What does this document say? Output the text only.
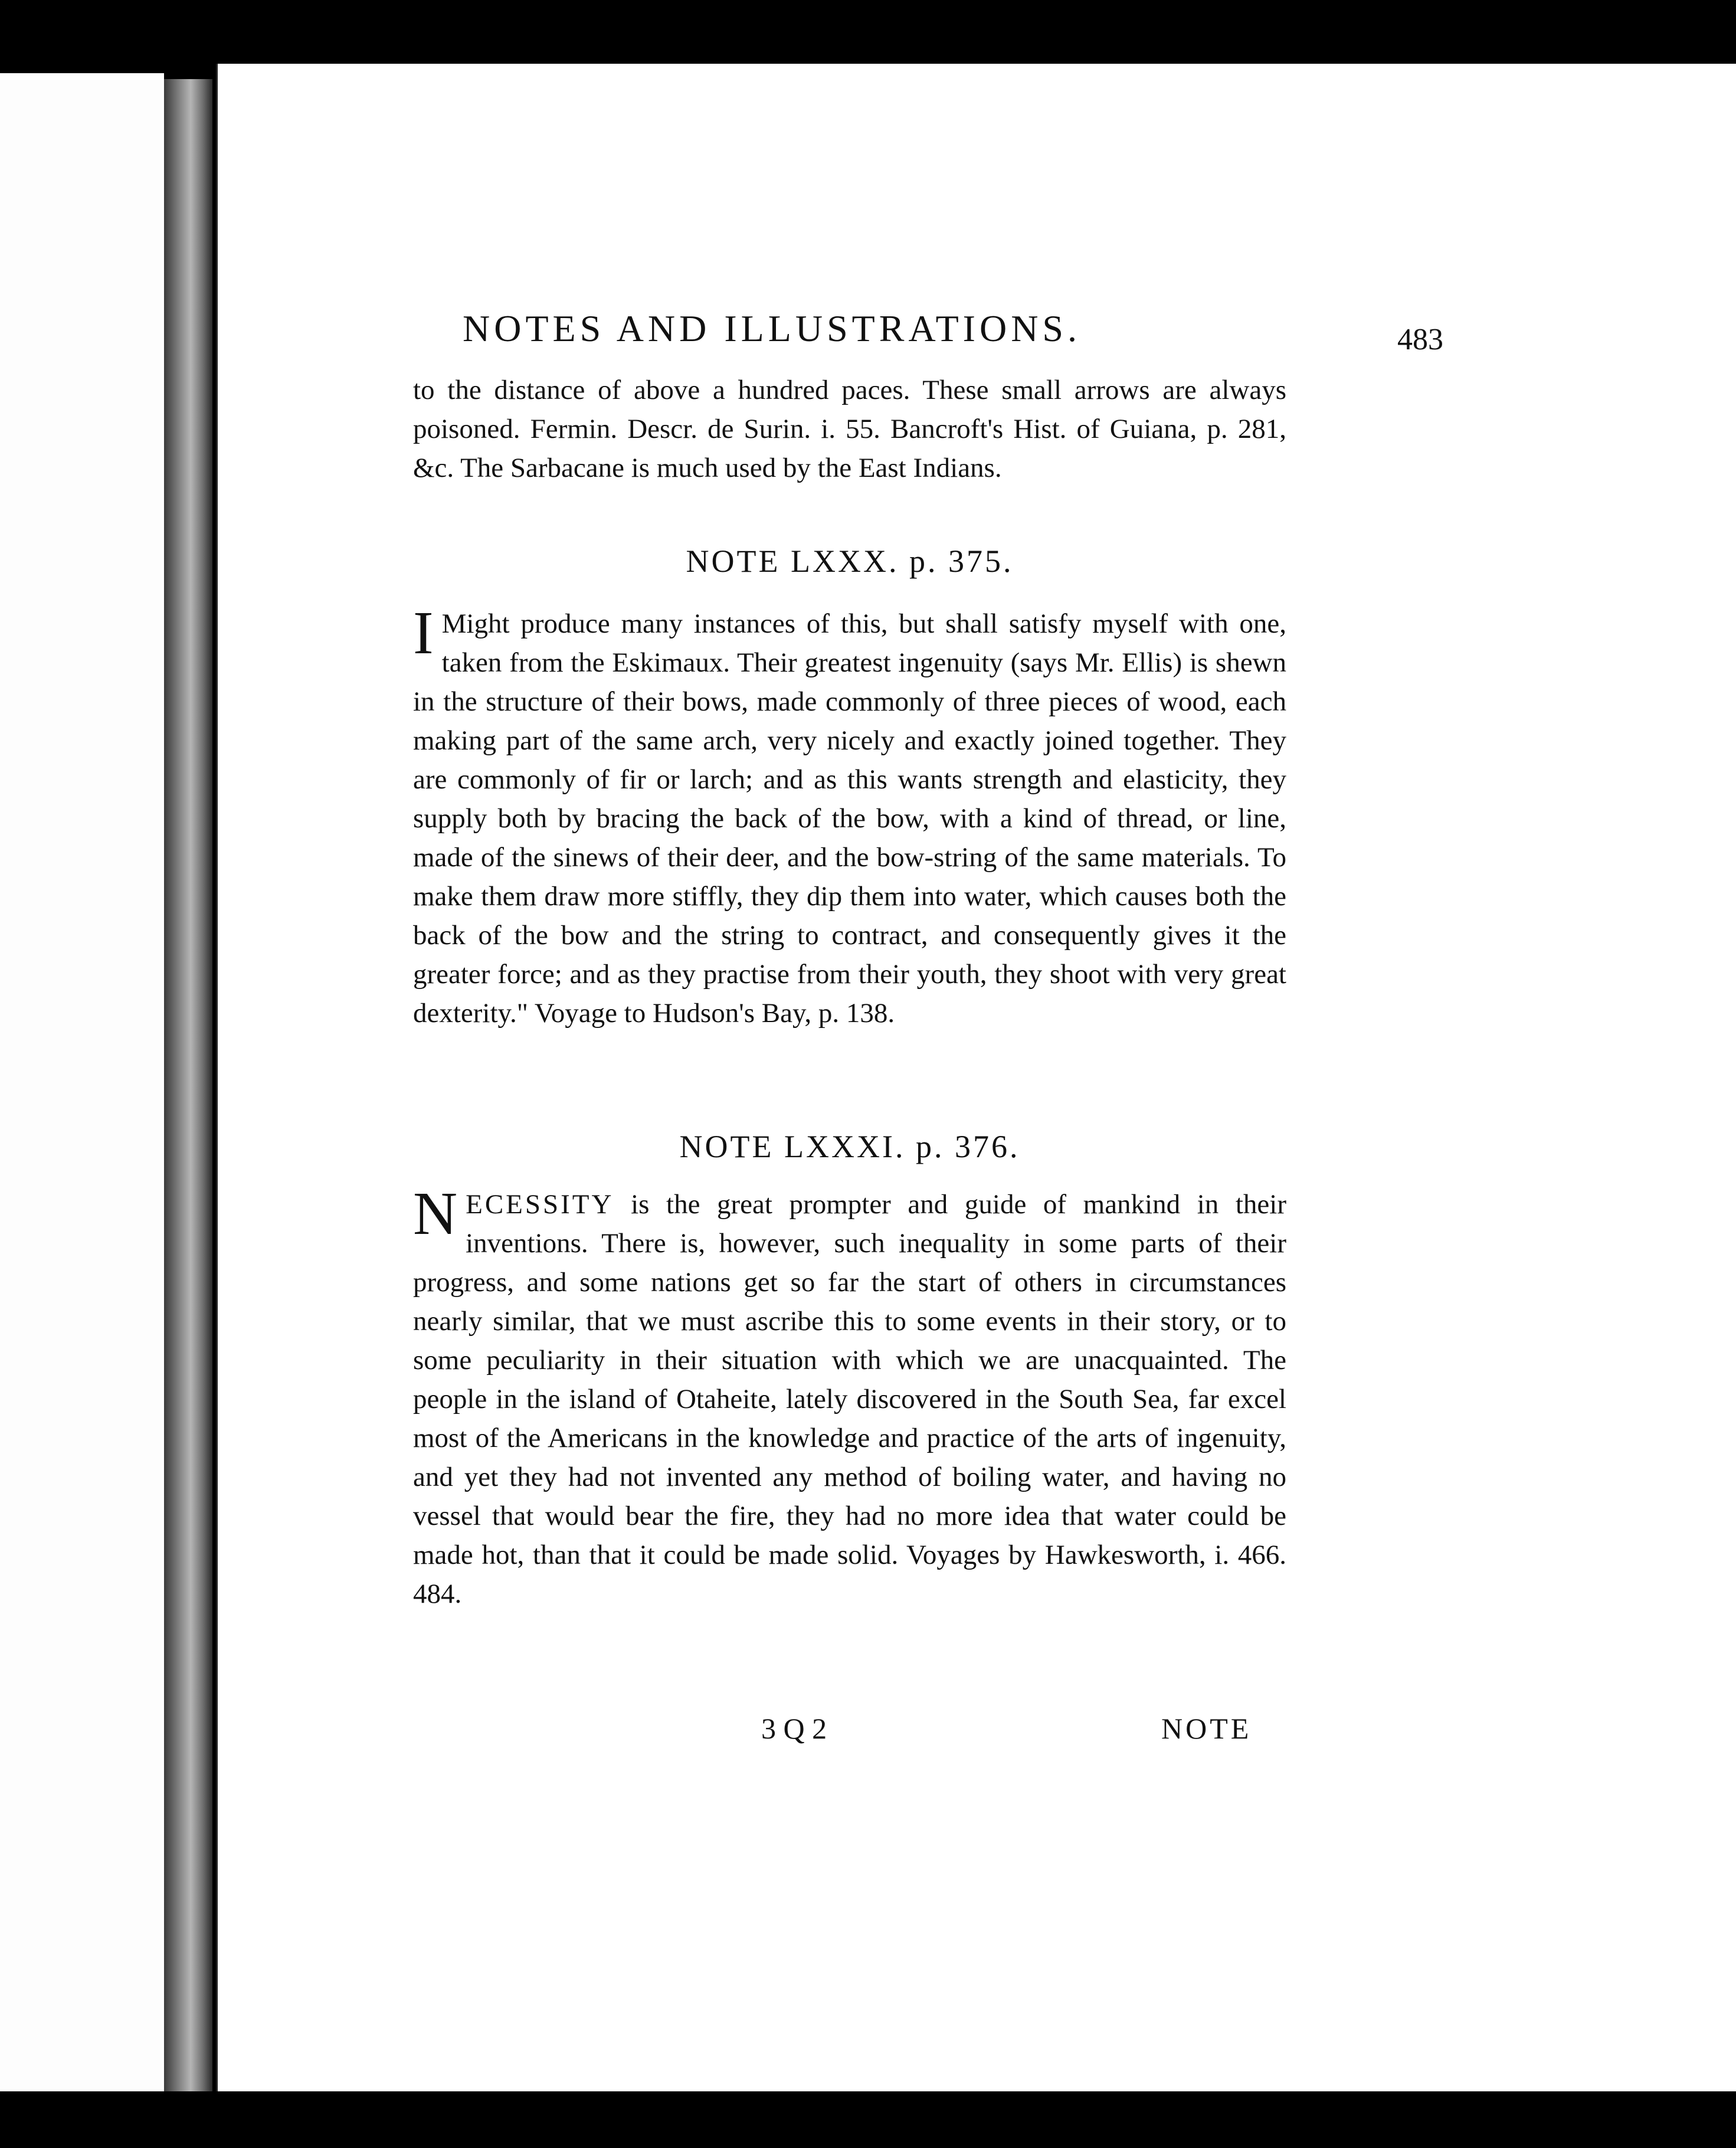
NOTES AND ILLUSTRATIONS.	483

to the distance of above a hundred paces. These small arrows are always poisoned. Fermin. Descr. de Surin. i. 55. Bancroft's Hist. of Guiana, p. 281, &c. The Sarbacane is much used by the East Indians.

NOTE LXXX. p. 375.

I Might produce many instances of this, but shall satisfy myself with one, taken from the Eskimaux. Their greatest ingenuity (says Mr. Ellis) is shewn in the structure of their bows, made commonly of three pieces of wood, each making part of the same arch, very nicely and exactly joined together. They are commonly of fir or larch; and as this wants strength and elasticity, they supply both by bracing the back of the bow, with a kind of thread, or line, made of the sinews of their deer, and the bow-string of the same materials. To make them draw more stiffly, they dip them into water, which causes both the back of the bow and the string to contract, and consequently gives it the greater force; and as they practise from their youth, they shoot with very great dexterity." Voyage to Hudson's Bay, p. 138.

NOTE LXXXI. p. 376.

NECESSITY is the great prompter and guide of mankind in their inventions. There is, however, such inequality in some parts of their progress, and some nations get so far the start of others in circumstances nearly similar, that we must ascribe this to some events in their story, or to some peculiarity in their situation with which we are unacquainted. The people in the island of Otaheite, lately discovered in the South Sea, far excel most of the Americans in the knowledge and practice of the arts of ingenuity, and yet they had not invented any method of boiling water, and having no vessel that would bear the fire, they had no more idea that water could be made hot, than that it could be made solid. Voyages by Hawkesworth, i. 466. 484.

3 Q 2	NOTE
